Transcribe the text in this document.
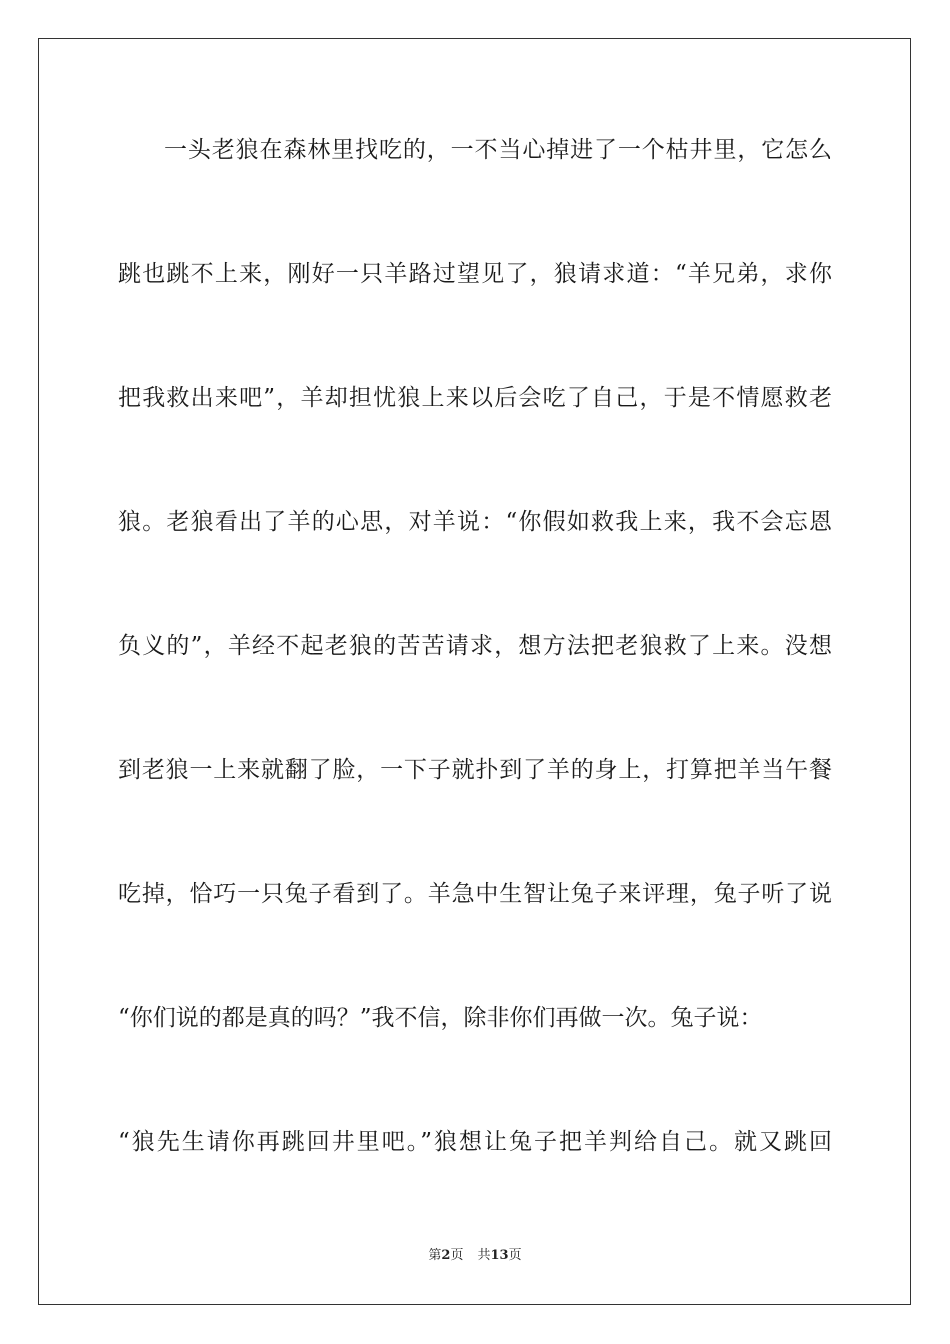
一头老狼在森林里找吃的，一不当心掉进了一个枯井里，它怎么
跳也跳不上来，刚好一只羊路过望见了，狼请求道：“羊兄弟，求你
把我救出来吧”，羊却担忧狼上来以后会吃了自己，于是不情愿救老
狼。老狼看出了羊的心思，对羊说：“你假如救我上来，我不会忘恩
负义的”，羊经不起老狼的苦苦请求，想方法把老狼救了上来。没想
到老狼一上来就翻了脸，一下子就扑到了羊的身上，打算把羊当午餐
吃掉，恰巧一只兔子看到了。羊急中生智让兔子来评理，兔子听了说
“你们说的都是真的吗？”我不信，除非你们再做一次。兔子说：
“狼先生请你再跳回井里吧。”狼想让兔子把羊判给自己。就又跳回
第2页 共13页
